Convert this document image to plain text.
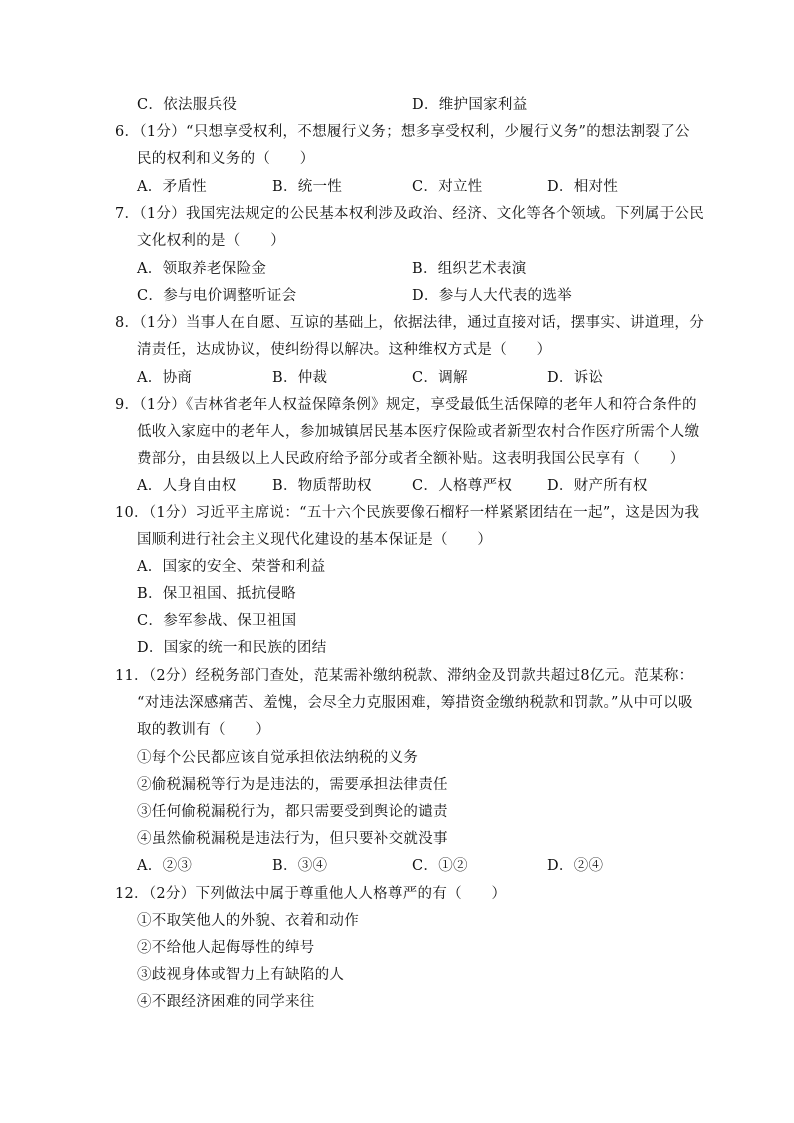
C．依法服兵役	D．维护国家利益
6．（1分）“只想享受权利，不想履行义务；想多享受权利，少履行义务”的想法割裂了公
民的权利和义务的（　　）
A．矛盾性	B．统一性	C．对立性	D．相对性
7．（1分）我国宪法规定的公民基本权利涉及政治、经济、文化等各个领域。下列属于公民
文化权利的是（　　）
A．领取养老保险金	B．组织艺术表演
C．参与电价调整听证会	D．参与人大代表的选举
8．（1分）当事人在自愿、互谅的基础上，依据法律，通过直接对话，摆事实、讲道理，分
清责任，达成协议，使纠纷得以解决。这种维权方式是（　　）
A．协商	B．仲裁	C．调解	D．诉讼
9．（1分）《吉林省老年人权益保障条例》规定，享受最低生活保障的老年人和符合条件的
低收入家庭中的老年人，参加城镇居民基本医疗保险或者新型农村合作医疗所需个人缴
费部分，由县级以上人民政府给予部分或者全额补贴。这表明我国公民享有（　　）
A．人身自由权 B．物质帮助权	C．人格尊严权 D．财产所有权
10．（1分）习近平主席说：“五十六个民族要像石榴籽一样紧紧团结在一起”，这是因为我
国顺利进行社会主义现代化建设的基本保证是（　　）
A．国家的安全、荣誉和利益
B．保卫祖国、抵抗侵略
C．参军参战、保卫祖国
D．国家的统一和民族的团结
11．（2分）经税务部门查处，范某需补缴纳税款、滞纳金及罚款共超过8亿元。范某称：
“对违法深感痛苦、羞愧，会尽全力克服困难，筹措资金缴纳税款和罚款。”从中可以吸
取的教训有（　　）
①每个公民都应该自觉承担依法纳税的义务
②偷税漏税等行为是违法的，需要承担法律责任
③任何偷税漏税行为，都只需要受到舆论的谴责
④虽然偷税漏税是违法行为，但只要补交就没事
A．②③	B．③④	C．①②	D．②④
12．（2分）下列做法中属于尊重他人人格尊严的有（　　）
①不取笑他人的外貌、衣着和动作
②不给他人起侮辱性的绰号
③歧视身体或智力上有缺陷的人
④不跟经济困难的同学来往
